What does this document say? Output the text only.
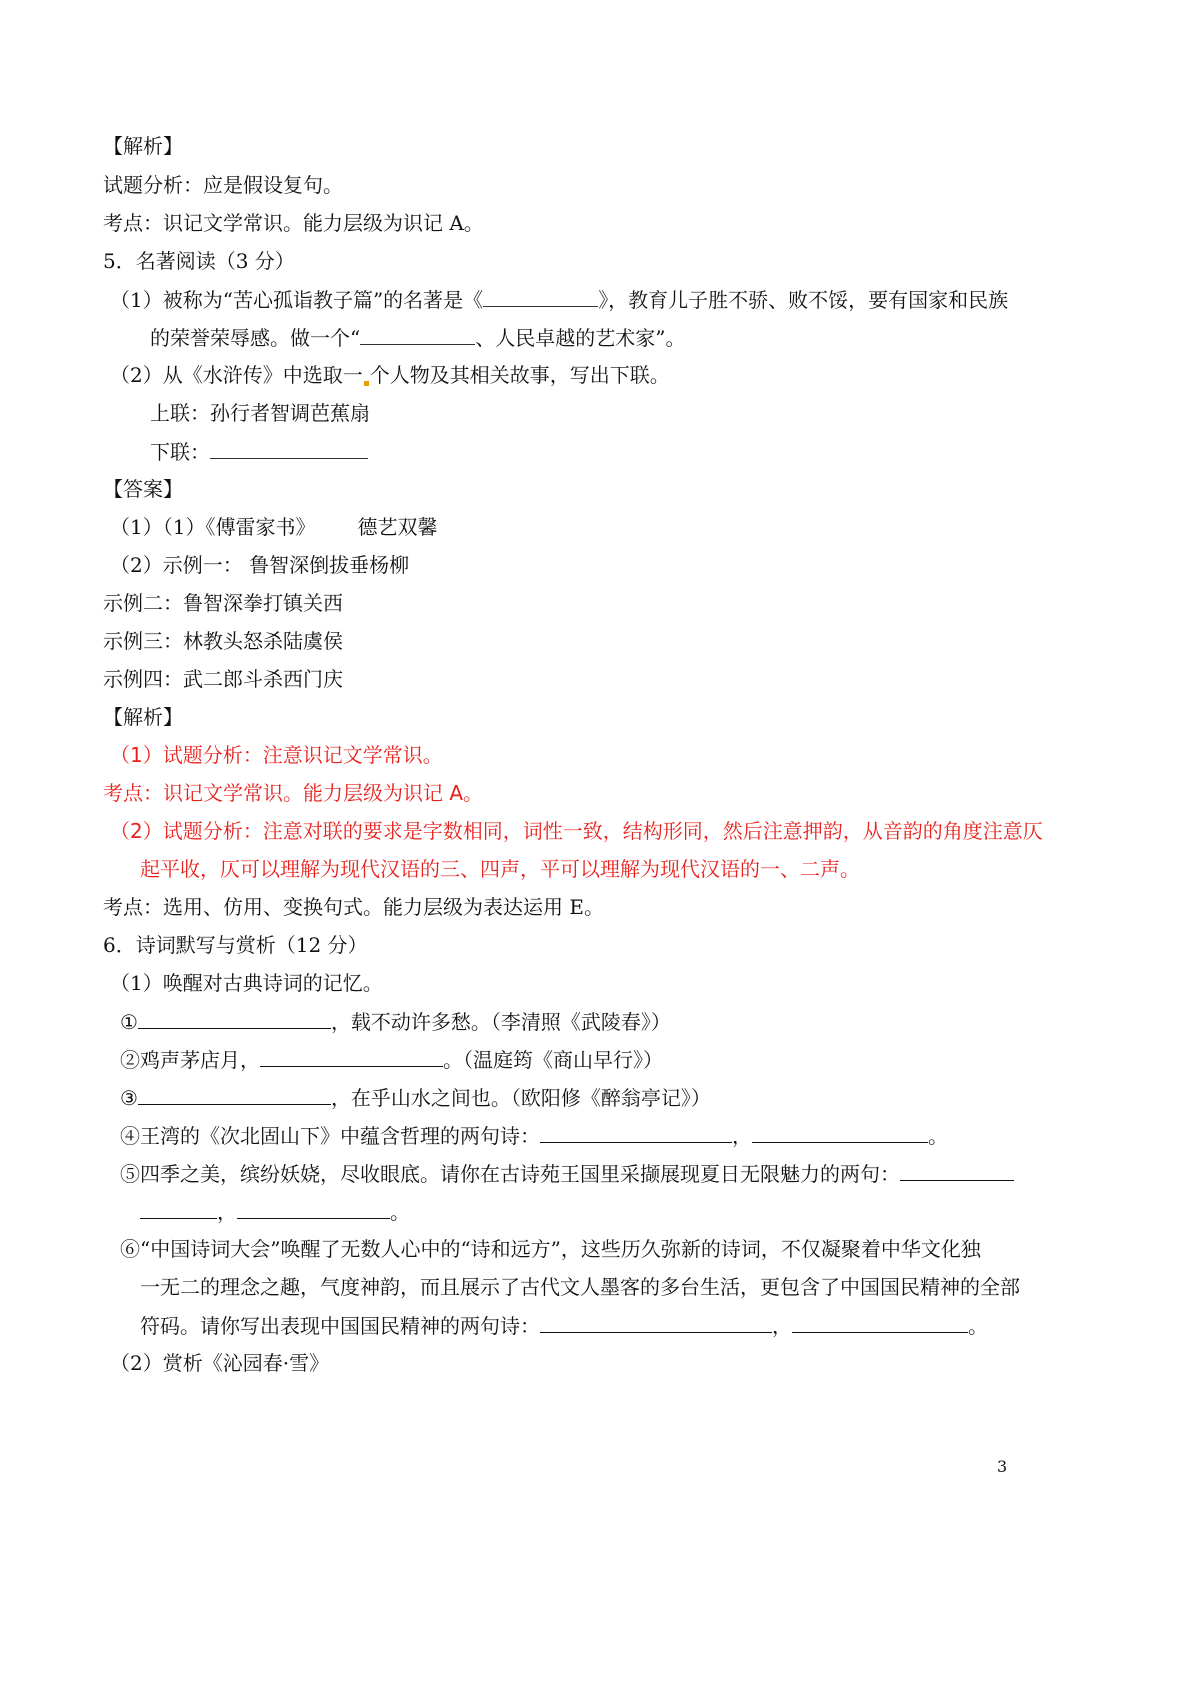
【解析】
试题分析：应是假设复句。
考点：识记文学常识。能力层级为识记 A。
5．名著阅读（3 分）
（1）被称为“苦心孤诣教子篇”的名著是《	》，教育儿子胜不骄、败不馁，要有国家和民族
的荣誉荣辱感。做一个“	、人民卓越的艺术家”。
（2）从《水浒传》中选取一 个人物及其相关故事，写出下联。
上联：孙行者智调芭蕉扇
下联：
【答案】
（1）（1）《傅雷家书》 德艺双馨
（2）示例一： 鲁智深倒拔垂杨柳
示例二：鲁智深拳打镇关西
示例三：林教头怒杀陆虞侯
示例四：武二郎斗杀西门庆
【解析】
（1）试题分析：注意识记文学常识。
考点：识记文学常识。能力层级为识记 A。
（2）试题分析：注意对联的要求是字数相同，词性一致，结构形同，然后注意押韵，从音韵的角度注意仄
起平收，仄可以理解为现代汉语的三、四声，平可以理解为现代汉语的一、二声。
考点：选用、仿用、变换句式。能力层级为表达运用 E。
6．诗词默写与赏析（12 分）
（1）唤醒对古典诗词的记忆。
①	，载不动许多愁。（李清照《武陵春》）
②鸡声茅店月，	。（温庭筠《商山早行》）
③	，在乎山水之间也。（欧阳修《醉翁亭记》）
④王湾的《次北固山下》中蕴含哲理的两句诗：	，	。
⑤四季之美，缤纷妖娆，尽收眼底。请你在古诗苑王国里采撷展现夏日无限魅力的两句：
，	。
⑥“中国诗词大会”唤醒了无数人心中的“诗和远方”，这些历久弥新的诗词，不仅凝聚着中华文化独
一无二的理念之趣，气度神韵，而且展示了古代文人墨客的多台生活，更包含了中国国民精神的全部
符码。请你写出表现中国国民精神的两句诗：	，	。
（2）赏析《沁园春·雪》
3
